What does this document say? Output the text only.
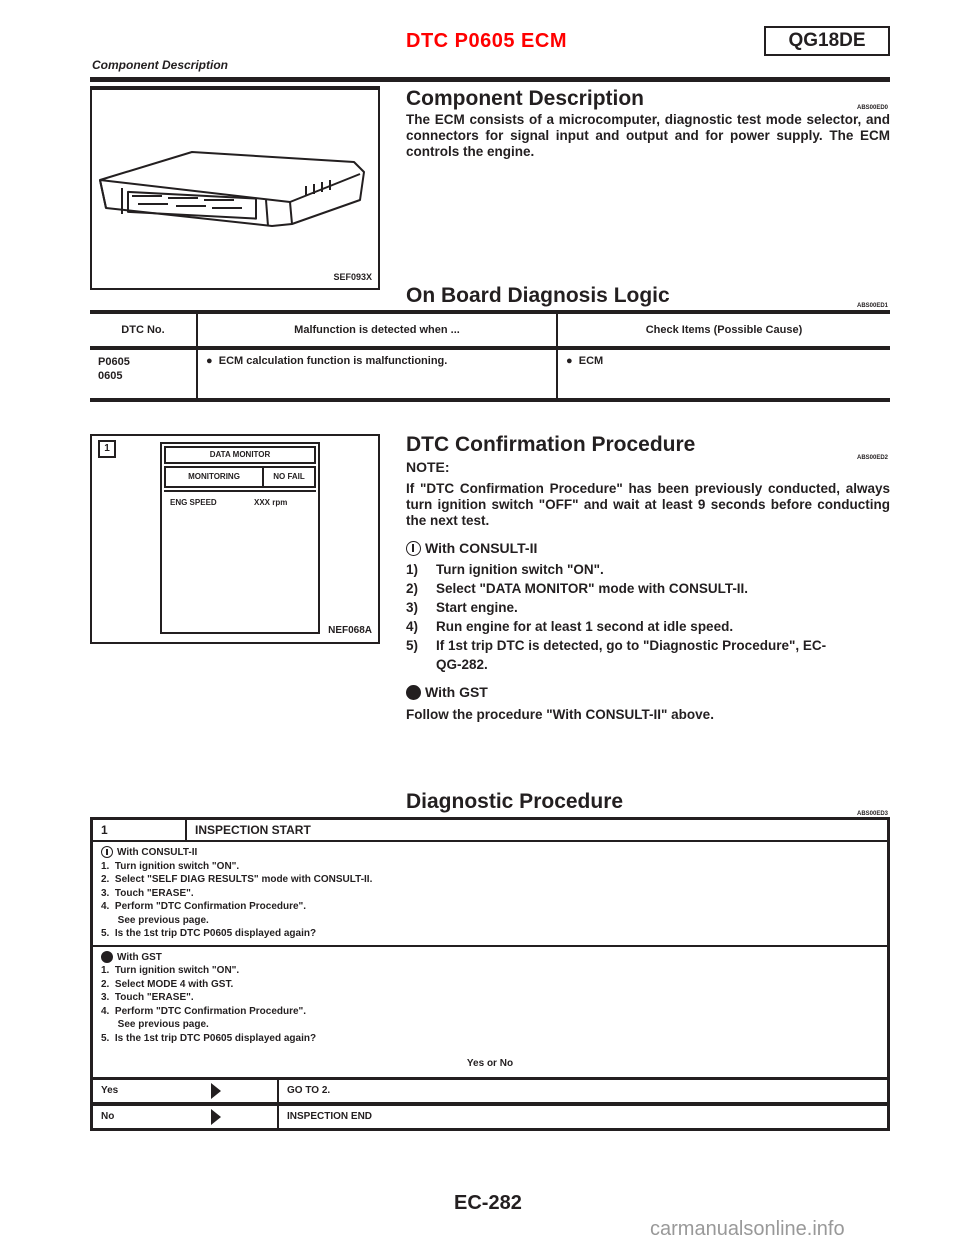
DTC P0605 ECM	QG18DE
Component Description
SEF093X
Component Description	ABS00ED0
The ECM consists of a microcomputer, diagnostic test mode selector, and connectors for signal input and output and for power supply. The ECM controls the engine.
On Board Diagnosis Logic	ABS00ED1
DTC No.	Malfunction is detected when ...	Check Items (Possible Cause)

P0605
0605	●  ECM calculation function is malfunctioning.	●  ECM
1
DATA MONITOR
MONITORING	NO FAIL
ENG SPEED	XXX rpm
NEF068A
DTC Confirmation Procedure
ABS00ED2
NOTE:
If "DTC Confirmation Procedure" has been previously conducted, always turn ignition switch "OFF" and wait at least 9 seconds before conducting the next test.
With CONSULT-II
1) Turn ignition switch "ON".
2) Select "DATA MONITOR" mode with CONSULT-II.
3) Start engine.
4) Run engine for at least 1 second at idle speed.
5) If 1st trip DTC is detected, go to "Diagnostic Procedure", EC-
QG-282.
With GST
Follow the procedure "With CONSULT-II" above.
Diagnostic Procedure
ABS00ED3
1	INSPECTION START
With CONSULT-II
1.  Turn ignition switch "ON".
2.  Select "SELF DIAG RESULTS" mode with CONSULT-II.
3.  Touch "ERASE".
4.  Perform "DTC Confirmation Procedure".
See previous page.
5.  Is the 1st trip DTC P0605 displayed again?
With GST
1.  Turn ignition switch "ON".
2.  Select MODE 4 with GST.
3.  Touch "ERASE".
4.  Perform "DTC Confirmation Procedure".
See previous page.
5.  Is the 1st trip DTC P0605 displayed again?
Yes or No
Yes	GO TO 2.
No	INSPECTION END
EC-282
carmanualsonline.info
